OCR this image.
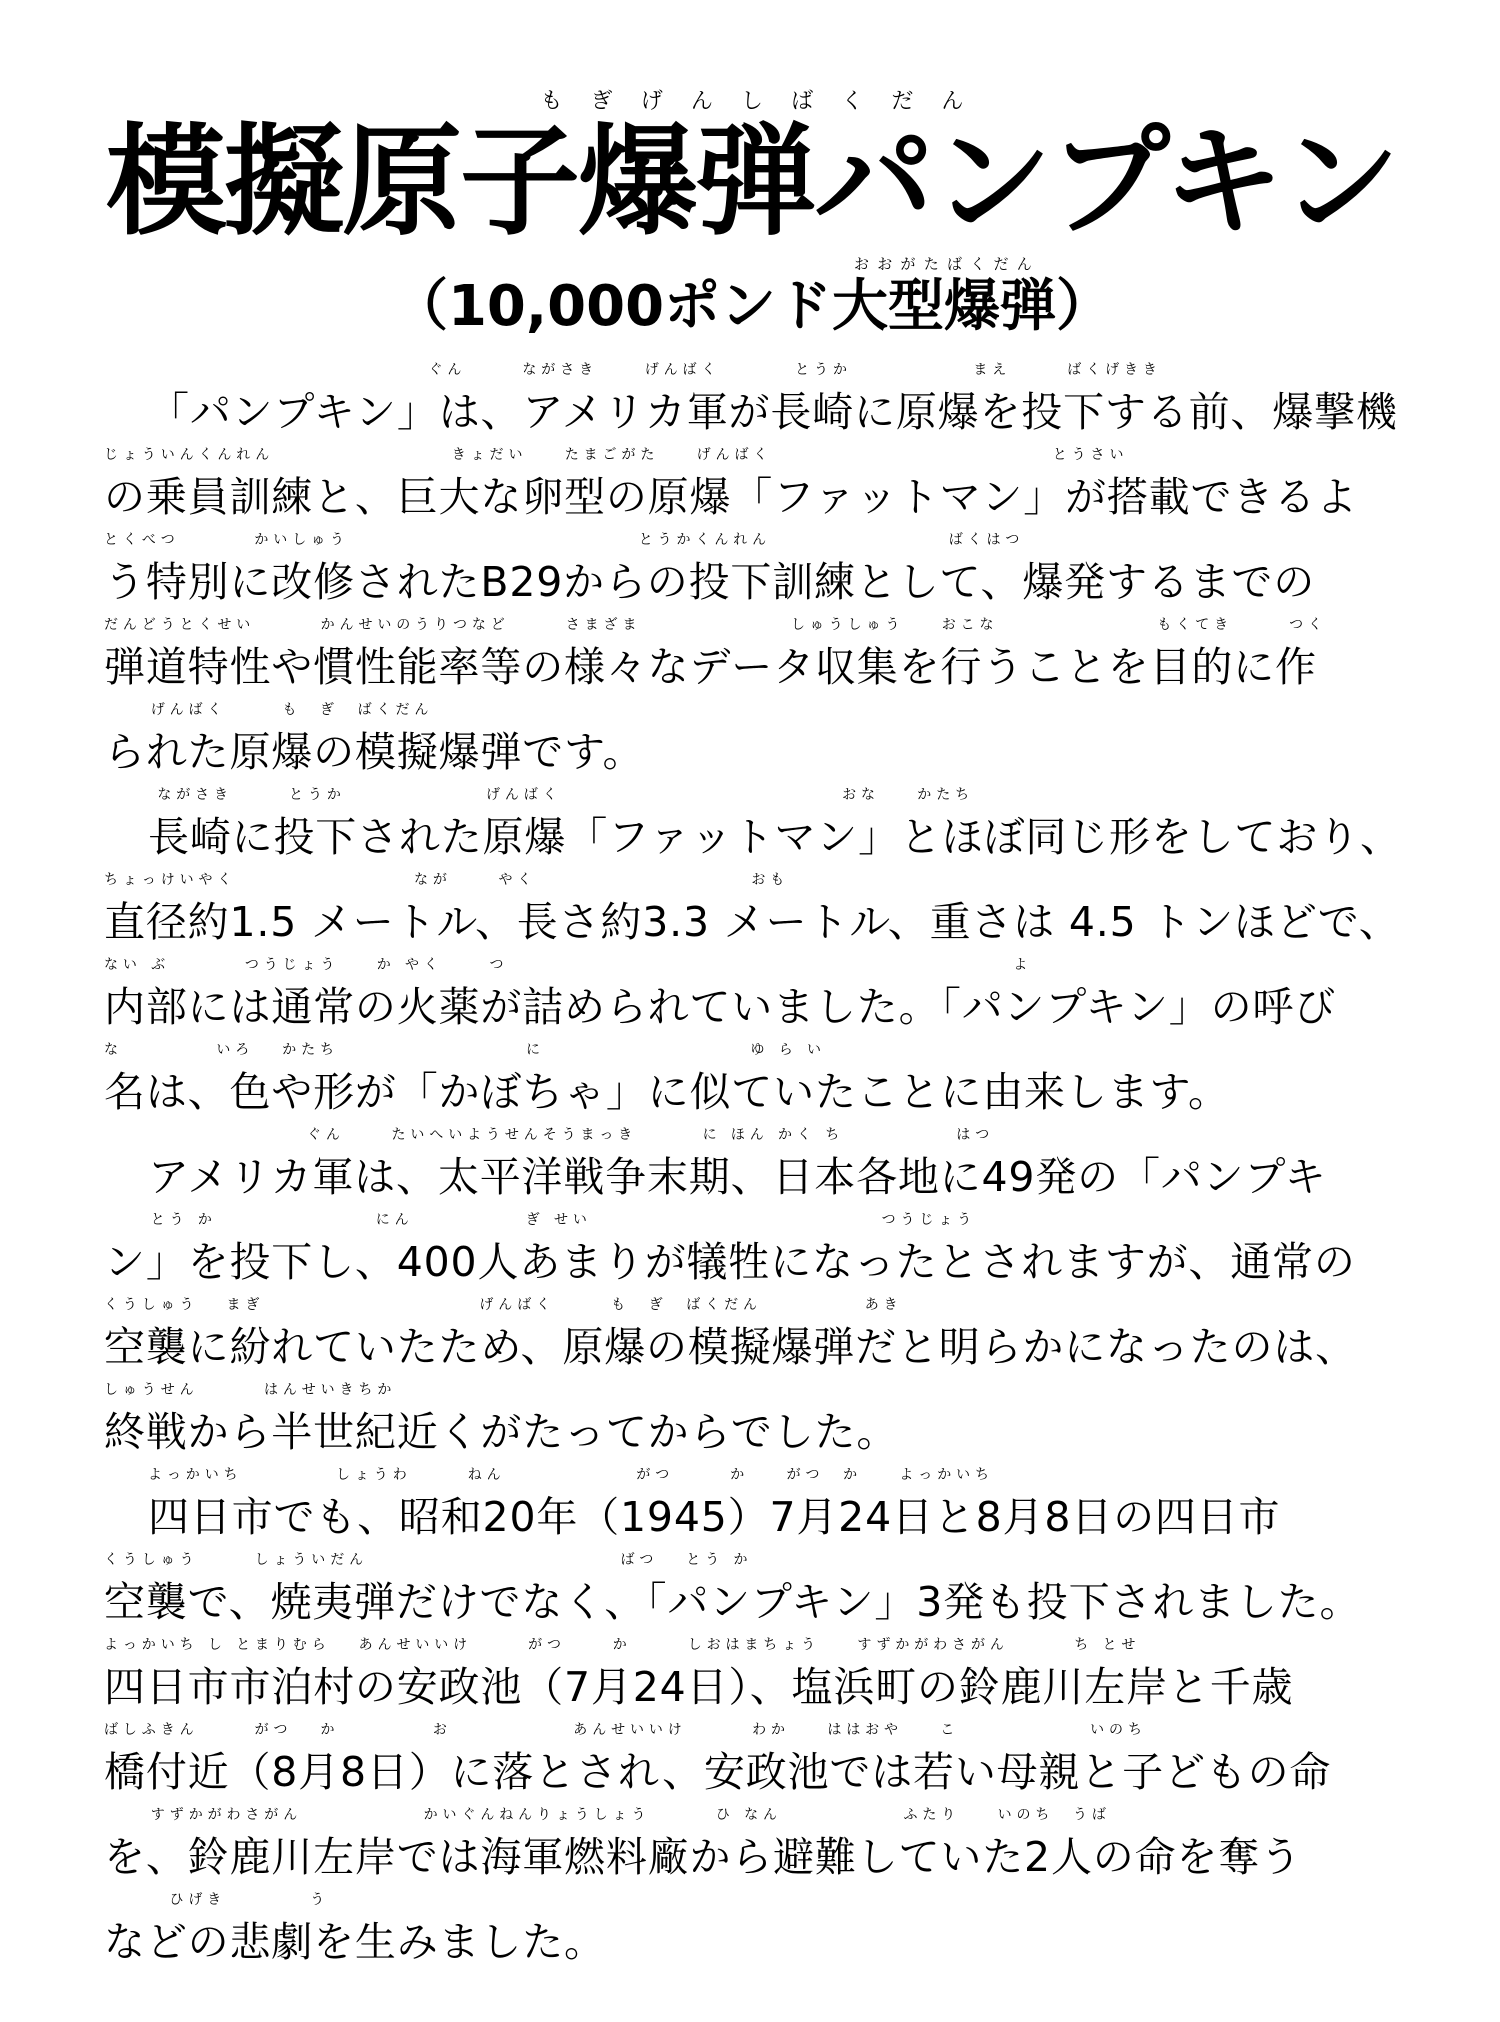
も ぎ げ ん し ば く だ ん
模擬原子爆弾パンプキン
おおがたばくだん
（10,000ポンド大型爆弾）
ぐん      ながさき     げんばく        とうか             まえ      ばくげきき
「パンプキン」は、アメリカ軍が長崎に原爆を投下する前、爆撃機
じょういんくんれん                   きょだい    たまごがた    げんばく                              とうさい
の乗員訓練と、巨大な卵型の原爆「ファットマン」が搭載できるよ
とくべつ        かいしゅう                               とうかくんれん                   ばくはつ
う特別に改修されたB29からの投下訓練として、爆発するまでの
だんどうとくせい       かんせいのうりつなど      さまざま                しゅうしゅう    おこな                 もくてき      つく
弾道特性や慣性能率等の様々なデータ収集を行うことを目的に作
げんばく      も  ぎ  ばくだん
られた原爆の模擬爆弾です。
ながさき      とうか               げんばく                              おな    かたち
長崎に投下された原爆「ファットマン」とほぼ同じ形をしており、
ちょっけいやく                   なが     やく                       おも
直径約1.5 メートル、長さ約3.3 メートル、重さは 4.5 トンほどで、
ない ぶ        つうじょう    か やく     つ                                                      よ
内部には通常の火薬が詰められていました。「パンプキン」の呼び
な          いろ   かたち                    に                      ゆ ら い
名は、色や形が「かぼちゃ」に似ていたことに由来します。
ぐん     たいへいようせんそうまっき       に ほん かく ち            はつ
アメリカ軍は、太平洋戦争末期、日本各地に49発の「パンプキ
とう か                 にん            ぎ せい                               つうじょう
ン」を投下し、400人あまりが犠牲になったとされますが、通常の
くうしゅう   まぎ                       げんばく      も  ぎ  ばくだん           あき
空襲に紛れていたため、原爆の模擬爆弾だと明らかになったのは、
しゅうせん       はんせいきちか
終戦から半世紀近くがたってからでした。
よっかいち          しょうわ      ねん              がつ      か    がつ  か    よっかいち
四日市でも、昭和20年（1945）7月24日と8月8日の四日市
くうしゅう      しょういだん                           ばつ   とう か
空襲で、焼夷弾だけでなく、「パンプキン」3発も投下されました。
よっかいち し とまりむら   あんせいいけ      がつ     か      しおはまちょう    すずかがわさがん       ち とせ
四日市市泊村の安政池（7月24日）、塩浜町の鈴鹿川左岸と千歳
ばしふきん      がつ   か          お             あんせいいけ       わか    ははおや    こ              いのち
橋付近（8月8日）に落とされ、安政池では若い母親と子どもの命
すずかがわさがん             かいぐんねんりょうしょう       ひ なん             ふたり    いのち  うば
を、鈴鹿川左岸では海軍燃料廠から避難していた2人の命を奪う
ひげき         う
などの悲劇を生みました。
